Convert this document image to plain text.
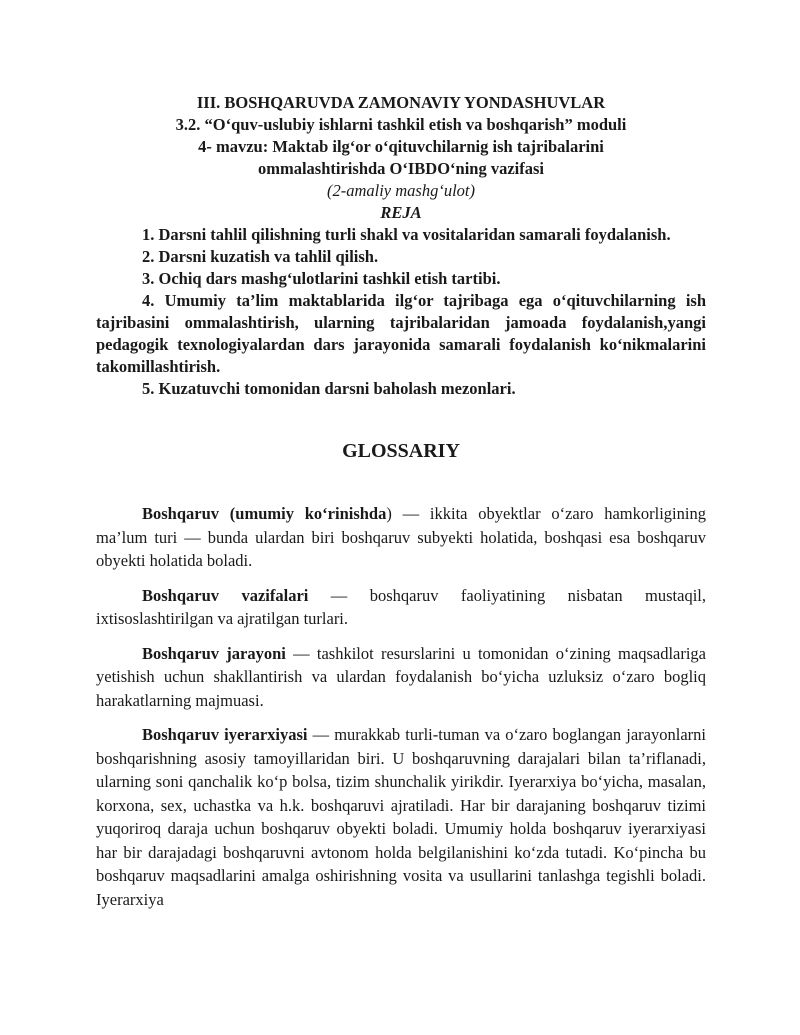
III. BOSHQARUVDA ZAMONAVIY YONDASHUVLAR

3.2. “O‘quv-uslubiy ishlarni tashkil etish va boshqarish” moduli

4- mavzu: Maktab ilg‘or o‘qituvchilarnig ish tajribalarini

ommalashtirishda O‘IBDO‘ning vazifasi

(2-amaliy mashg‘ulot)

REJA

1. Darsni tahlil qilishning turli shakl va vositalaridan samarali foydalanish.

2. Darsni kuzatish va tahlil qilish.

3. Ochiq dars mashg‘ulotlarini tashkil etish tartibi.

4. Umumiy ta’lim maktablarida ilg‘or tajribaga ega o‘qituvchilarning ish tajribasini ommalashtirish, ularning tajribalaridan jamoada foydalanish,yangi pedagogik texnologiyalardan dars jarayonida samarali foydalanish ko‘nikmalarini takomillashtirish.

5. Kuzatuvchi tomonidan darsni baholash mezonlari.

GLOSSARIY

Boshqaruv (umumiy ko‘rinishda) — ikkita obyektlar o‘zaro hamkorligining ma’lum turi — bunda ulardan biri boshqaruv subyekti holatida, boshqasi esa boshqaruv obyekti holatida boladi.

Boshqaruv vazifalari — boshqaruv faoliyatining nisbatan mustaqil, ixtisoslashtirilgan va ajratilgan turlari.

Boshqaruv jarayoni — tashkilot resurslarini u tomonidan o‘zining maqsadlariga yetishish uchun shakllantirish va ulardan foydalanish bo‘yicha uzluksiz o‘zaro bogliq harakatlarning majmuasi.

Boshqaruv iyerarxiyasi — murakkab turli-tuman va o‘zaro boglangan jarayonlarni boshqarishning asosiy tamoyillaridan biri. U boshqaruvning darajalari bilan ta’riflanadi, ularning soni qanchalik ko‘p bolsa, tizim shunchalik yirikdir. Iyerarxiya bo‘yicha, masalan, korxona, sex, uchastka va h.k. boshqaruvi ajratiladi. Har bir darajaning boshqaruv tizimi yuqoriroq daraja uchun boshqaruv obyekti boladi. Umumiy holda boshqaruv iyerarxiyasi har bir darajadagi boshqaruvni avtonom holda belgilanishini ko‘zda tutadi. Ko‘pincha bu boshqaruv maqsadlarini amalga oshirishning vosita va usullarini tanlashga tegishli boladi. Iyerarxiya
